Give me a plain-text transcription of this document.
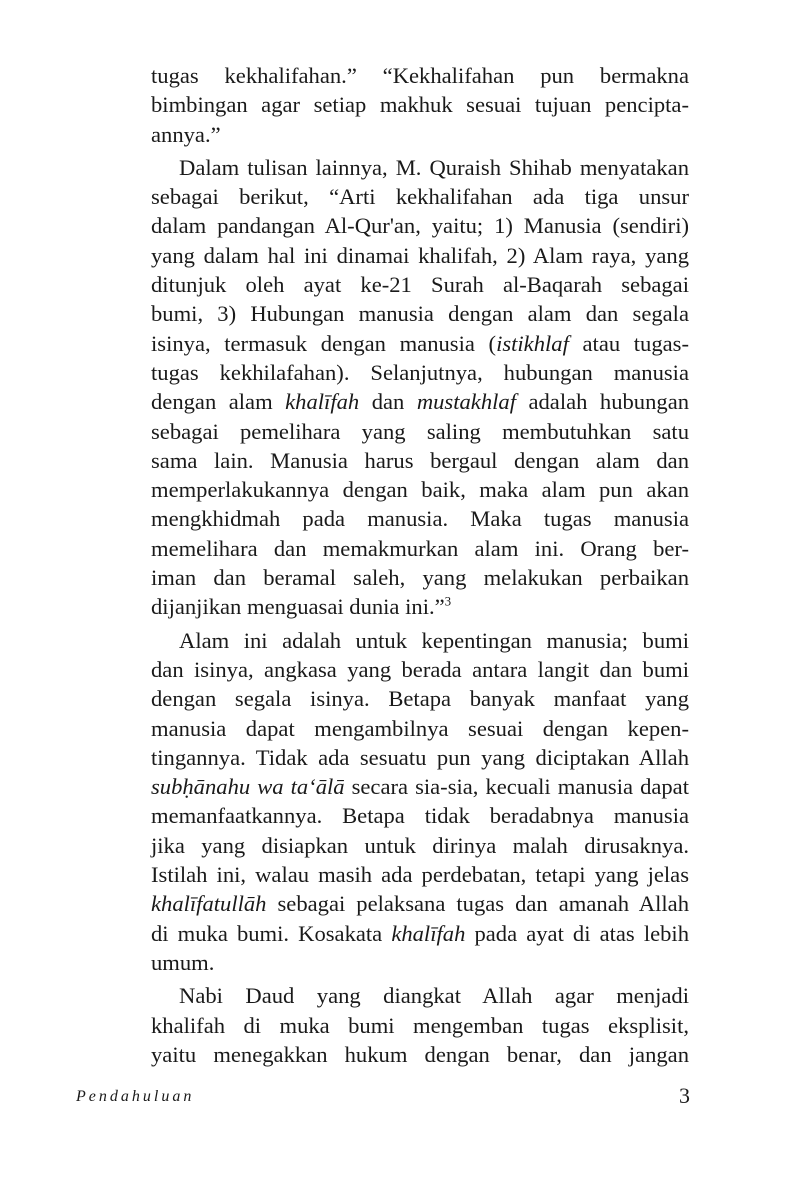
tugas kekhalifahan.” “Kekhalifahan pun bermakna
bimbingan agar setiap makhuk sesuai tujuan pencipta-
annya.”
Dalam tulisan lainnya, M. Quraish Shihab menyatakan
sebagai berikut, “Arti kekhalifahan ada tiga unsur
dalam pandangan Al-Qur'an, yaitu; 1) Manusia (sendiri)
yang dalam hal ini dinamai khalifah, 2) Alam raya, yang
ditunjuk oleh ayat ke-21 Surah al-Baqarah sebagai
bumi, 3) Hubungan manusia dengan alam dan segala
isinya, termasuk dengan manusia (istikhlaf atau tugas-
tugas kekhilafahan). Selanjutnya, hubungan manusia
dengan alam khalīfah dan mustakhlaf adalah hubungan
sebagai pemelihara yang saling membutuhkan satu
sama lain. Manusia harus bergaul dengan alam dan
memperlakukannya dengan baik, maka alam pun akan
mengkhidmah pada manusia. Maka tugas manusia
memelihara dan memakmurkan alam ini. Orang ber-
iman dan beramal saleh, yang melakukan perbaikan
dijanjikan menguasai dunia ini.”$^3$
Alam ini adalah untuk kepentingan manusia; bumi
dan isinya, angkasa yang berada antara langit dan bumi
dengan segala isinya. Betapa banyak manfaat yang
manusia dapat mengambilnya sesuai dengan kepen-
tingannya. Tidak ada sesuatu pun yang diciptakan Allah
subḥānahu wa ta‘ālā secara sia-sia, kecuali manusia dapat
memanfaatkannya. Betapa tidak beradabnya manusia
jika yang disiapkan untuk dirinya malah dirusaknya.
Istilah ini, walau masih ada perdebatan, tetapi yang jelas
khalīfatullāh sebagai pelaksana tugas dan amanah Allah
di muka bumi. Kosakata khalīfah pada ayat di atas lebih
umum.
Nabi Daud yang diangkat Allah agar menjadi
khalifah di muka bumi mengemban tugas eksplisit,
yaitu menegakkan hukum dengan benar, dan jangan
Pendahuluan	3
